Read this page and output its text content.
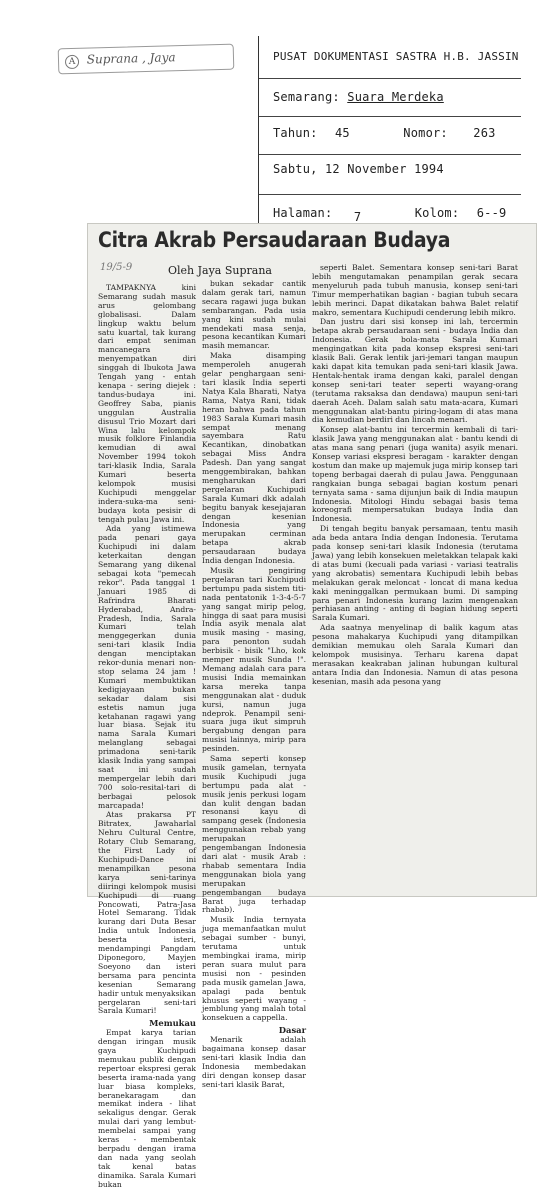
A Suprana , Jaya	PUSAT DOKUMENTASI SASTRA H.B. JASSIN
Semarang: Suara Merdeka
Tahun: 45	Nomor: 263
Sabtu, 12 November 1994
Halaman: 7	Kolom: 6--9
Citra Akrab Persaudaraan Budaya
19/5-9	Oleh Jaya Suprana

TAMPAKNYA kini Semarang sudah masuk arus gelombang globalisasi. Dalam lingkup waktu belum satu kuartal, tak kurang dari empat seniman mancanegara menyempatkan diri singgah di Ibukota Jawa Tengah yang - entah kenapa - sering diejek : tandus-budaya ini. Geoffrey Saba, pianis unggulan Australia disusul Trio Mozart dari Wina lalu kelompok musik folklore Finlandia kemudian di awal November 1994 tokoh tari-klasik India, Sarala Kumari beserta kelompok musisi Kuchipudi menggelar indera-suka-ma seni-budaya kota pesisir di tengah pulau Jawa ini.

Ada yang istimewa pada penari gaya Kuchipudi ini dalam keterkaitan dengan Semarang yang dikenal sebagai kota "pemecah rekor". Pada tanggal 1 Januari 1985 di Rafrindra Bharati Hyderabad, Andra-Pradesh, India, Sarala Kumari telah menggegerkan dunia seni-tari klasik India dengan menciptakan rekor-dunia menari non-stop selama 24 jam ! Kumari membuktikan kedigjayaan bukan sekadar dalam sisi estetis namun juga ketahanan ragawi yang luar biasa. Sejak itu nama Sarala Kumari melanglang sebagai primadona seni-tarik klasik India yang sampai saat ini sudah mempergelar lebih dari 700 solo-resital-tari di berbagai pelosok marcapada!

Atas prakarsa PT Bitratex, Jawaharlal Nehru Cultural Centre, Rotary Club Semarang, the First Lady of Kuchipudi-Dance ini menampilkan pesona karya seni-tarinya diiringi kelompok musisi Kuchipudi di ruang Poncowati, Patra-Jasa Hotel Semarang. Tidak kurang dari Duta Besar India untuk Indonesia beserta isteri, mendampingi Pangdam Diponegoro, Mayjen Soeyono dan isteri bersama para pencinta kesenian Semarang hadir untuk menyaksikan pergelaran seni-tari Sarala Kumari!

Memukau

Empat karya tarian dengan iringan musik gaya Kuchipudi memukau publik dengan repertoar ekspresi gerak beserta irama-nada yang luar biasa kompleks, beranekaragam dan memikat indera - lihat sekaligus dengar. Gerak mulai dari yang lembut-membelai sampai yang keras - membentak berpadu dengan irama dan nada yang seolah tak kenal batas dinamika. Sarala Kumari bukan

bukan sekadar cantik dalam gerak tari, namun secara ragawi juga bukan sembarangan. Pada usia yang kini sudah mulai mendekati masa senja, pesona kecantikan Kumari masih memancar.

Maka disamping memperoleh anugerah gelar penghargaan seni-tari klasik India seperti Natya Kala Bharati, Natya Rama, Natya Rani, tidak heran bahwa pada tahun 1983 Sarala Kumari masih sempat menang sayembara Ratu Kecantikan, dinobatkan sebagai Miss Andra Padesh. Dan yang sangat menggembirakan, bahkan mengharukan dari pergelaran Kuchipudi Sarala Kumari dkk adalah begitu banyak kesejajaran dengan kesenian Indonesia yang merupakan cerminan betapa akrab persaudaraan budaya India dengan Indonesia.

Musik pengiring pergelaran tari Kuchipudi bertumpu pada sistem titi-nada pentatonik 1-3-4-5-7 yang sangat mirip pelog, hingga di saat para musisi India asyik menala alat musik masing - masing, para penonton sudah berbisik - bisik "Lho, kok memper musik Sunda !". Memang adalah cara para musisi India memainkan karsa mereka tanpa menggunakan alat - duduk kursi, namun juga ndeprok. Penampil seni-suara juga ikut simpruh bergabung dengan para musisi lainnya, mirip para pesinden.

Sama seperti konsep musik gamelan, ternyata musik Kuchipudi juga bertumpu pada alat - musik jenis perkusi logam dan kulit dengan badan resonansi kayu di sampang gesek (Indonesia menggunakan rebab yang merupakan pengembangan Indonesia dari alat - musik Arab : rhabab sementara India menggunakan biola yang merupakan pengembangan budaya Barat juga terhadap rhabab).

Musik India ternyata juga memanfaatkan mulut sebagai sumber - bunyi, terutama untuk membingkai irama, mirip peran suara mulut para musisi non - pesinden pada musik gamelan Jawa, apalagi pada bentuk khusus seperti wayang - jemblung yang malah total konsekuen a cappella.

Dasar

Menarik adalah bagaimana konsep dasar seni-tari klasik India dan Indonesia membedakan diri dengan konsep dasar seni-tari klasik Barat,

seperti Balet. Sementara konsep seni-tari Barat lebih mengutamakan penampilan gerak secara menyeluruh pada tubuh manusia, konsep seni-tari Timur memperhatikan bagian - bagian tubuh secara lebih merinci. Dapat dikatakan bahwa Balet relatif makro, sementara Kuchipudi cenderung lebih mikro.

Dan justru dari sisi konsep ini lah, tercermin betapa akrab persaudaraan seni - budaya India dan Indonesia. Gerak bola-mata Sarala Kumari mengingatkan kita pada konsep ekspresi seni-tari klasik Bali. Gerak lentik jari-jemari tangan maupun kaki dapat kita temukan pada seni-tari klasik Jawa. Hentak-hentak irama dengan kaki, paralel dengan konsep seni-tari teater seperti wayang-orang (terutama raksaksa dan dendawa) maupun seni-tari daerah Aceh. Dalam salah satu mata-acara, Kumari menggunakan alat-bantu piring-logam di atas mana dia kemudian berdiri dan lincah menari.

Konsep alat-bantu ini tercermin kembali di tari-klasik Jawa yang menggunakan alat - bantu kendi di atas mana sang penari (juga wanita) asyik menari. Konsep variasi ekspresi beragam - karakter dengan kostum dan make up majemuk juga mirip konsep tari topeng berbagai daerah di pulau Jawa. Penggunaan rangkaian bunga sebagai bagian kostum penari ternyata sama - sama dijunjun baik di India maupun Indonesia. Mitologi Hindu sebagai basis tema koreografi mempersatukan budaya India dan Indonesia.

Di tengah begitu banyak persamaan, tentu masih ada beda antara India dengan Indonesia. Terutama pada konsep seni-tari klasik Indonesia (terutama Jawa) yang lebih konsekuen meletakkan telapak kaki di atas bumi (kecuali pada variasi - variasi teatralis yang akrobatis) sementara Kuchipudi lebih bebas melakukan gerak meloncat - loncat di mana kedua kaki meninggalkan permukaan bumi. Di samping para penari Indonesia kurang lazim mengenakan perhiasan anting - anting di bagian hidung seperti Sarala Kumari.

Ada saatnya menyelinap di balik kagum atas pesona mahakarya Kuchipudi yang ditampilkan demikian memukau oleh Sarala Kumari dan kelompok musisinya. Terharu karena dapat merasakan keakraban jalinan hubungan kultural antara India dan Indonesia. Namun di atas pesona kesenian, masih ada pesona yang
